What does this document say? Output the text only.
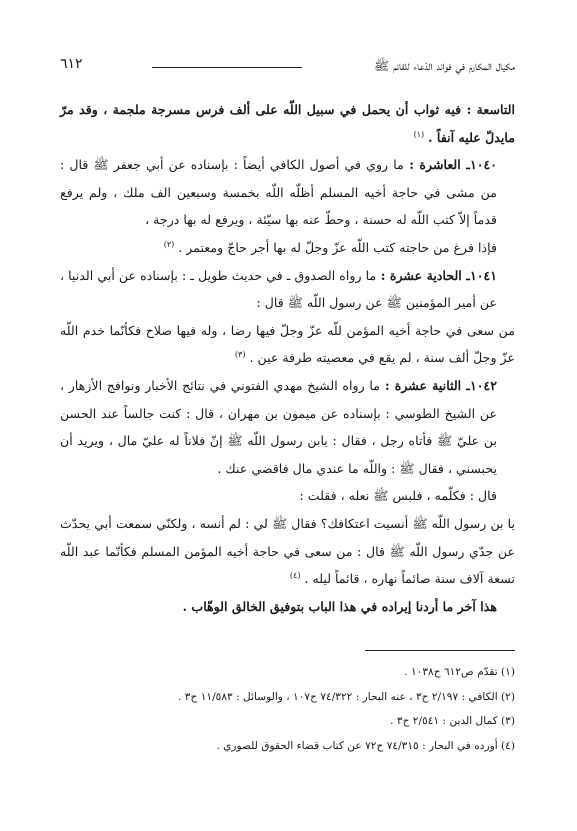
مكيال المكارم في فوائد الدّعاء للقائم ﷺ
٦١٢

التاسعة : فيه ثواب أن يحمل في سبيل اللّه على ألف فرس مسرجة ملجمة ، وقد مرّ مايدلّ عليه آنفاً . $^{(١)}$

١٠٤٠ـ العاشرة : ما روي في أصول الكافي أيضاً : بإسناده عن أبي جعفر ﷺ قال : من مشى في حاجة أخيه المسلم أظلّه اللّه بخمسة وسبعين الف ملك ، ولم يرفع قدماً إلاّ كتب اللّه له حسنة ، وحطّ عنه بها سيّئة ، ويرفع له بها درجة ،

فإذا فرغ من حاجته كتب اللّه عزّ وجلّ له بها أجر حاجّ ومعتمر . $^{(٢)}$

١٠٤١ـ الحادية عشرة : ما رواه الصدوق ـ في حديث طويل ـ : بإسناده عن أبي الدنيا ، عن أمير المؤمنين ﷺ عن رسول اللّه ﷺ قال :

من سعى في حاجة أخيه المؤمن للّه عزّ وجلّ فيها رضا ، وله فيها صلاح فكأنّما خدم اللّه عزّ وجلّ ألف سنة ، لم يقع في معصيته طرفة عين . $^{(٣)}$

١٠٤٢ـ الثانية عشرة : ما رواه الشيخ مهدي الفتوني في نتائج الأخبار ونوافج الأزهار ، عن الشيخ الطوسي : بإسناده عن ميمون بن مهران ، قال : كنت جالساً عند الحسن بن عليّ ﷺ فأتاه رجل ، فقال : يابن رسول اللّه ﷺ إنّ فلاناً له عليّ مال ، ويريد أن يحبسني ، فقال ﷺ : واللّه ما عندي مال فاقضي عنك .

قال : فكلّمه ، فلبس ﷺ نعله ، فقلت :

يا بن رسول اللّه ﷺ أنسيت اعتكافك؟ فقال ﷺ لي : لم أنسه ، ولكنّي سمعت أبي يحدّث عن جدّي رسول اللّه ﷺ قال : من سعى في حاجة أخيه المؤمن المسلم فكأنّما عبد اللّه تسعة آلاف سنة صائماً نهاره ، قائماً ليله . $^{(٤)}$

هذا آخر ما أردنا إيراده في هذا الباب بتوفيق الخالق الوهّاب .

(١) تقدّم ص٦١٢ ح١٠٣٨ .

(٢) الكافي : ٢/١٩٧ ح٣ ، عنه البحار : ٧٤/٣٢٢ ح١٠٧ ، والوسائل : ١١/٥٨٣ ح٣ .

(٣) كمال الدين : ٢/٥٤١ ح٣ .

(٤) أورده في البحار : ٧٤/٣١٥ ح٧٢ عن كتاب قضاء الحقوق للصوري .
